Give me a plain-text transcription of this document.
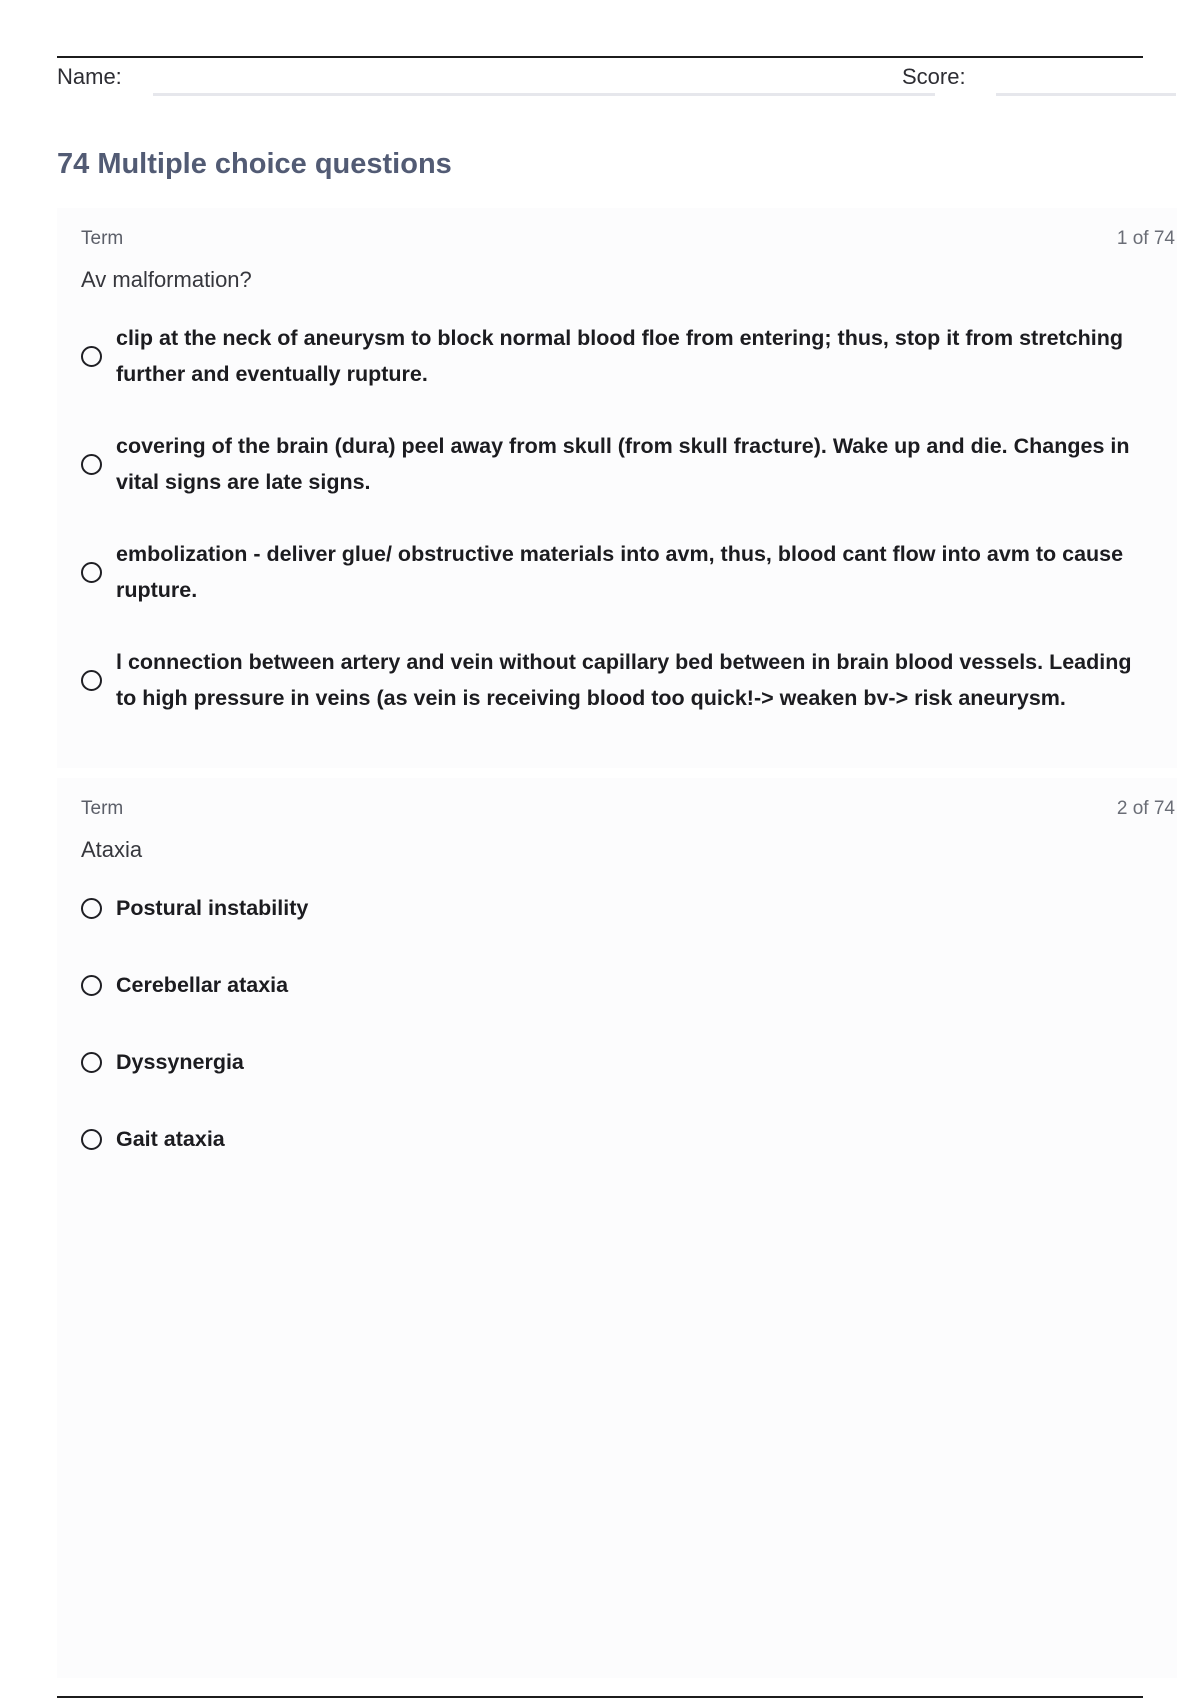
Name:	Score:
74 Multiple choice questions
Term	1 of 74
Av malformation?
clip at the neck of aneurysm to block normal blood floe from entering; thus, stop it from stretching further and eventually rupture.
covering of the brain (dura) peel away from skull (from skull fracture). Wake up and die. Changes in vital signs are late signs.
embolization - deliver glue/ obstructive materials into avm, thus, blood cant flow into avm to cause rupture.
l connection between artery and vein without capillary bed between in brain blood vessels. Leading to high pressure in veins (as vein is receiving blood too quick!-> weaken bv-> risk aneurysm.
Term	2 of 74
Ataxia
Postural instability
Cerebellar ataxia
Dyssynergia
Gait ataxia
